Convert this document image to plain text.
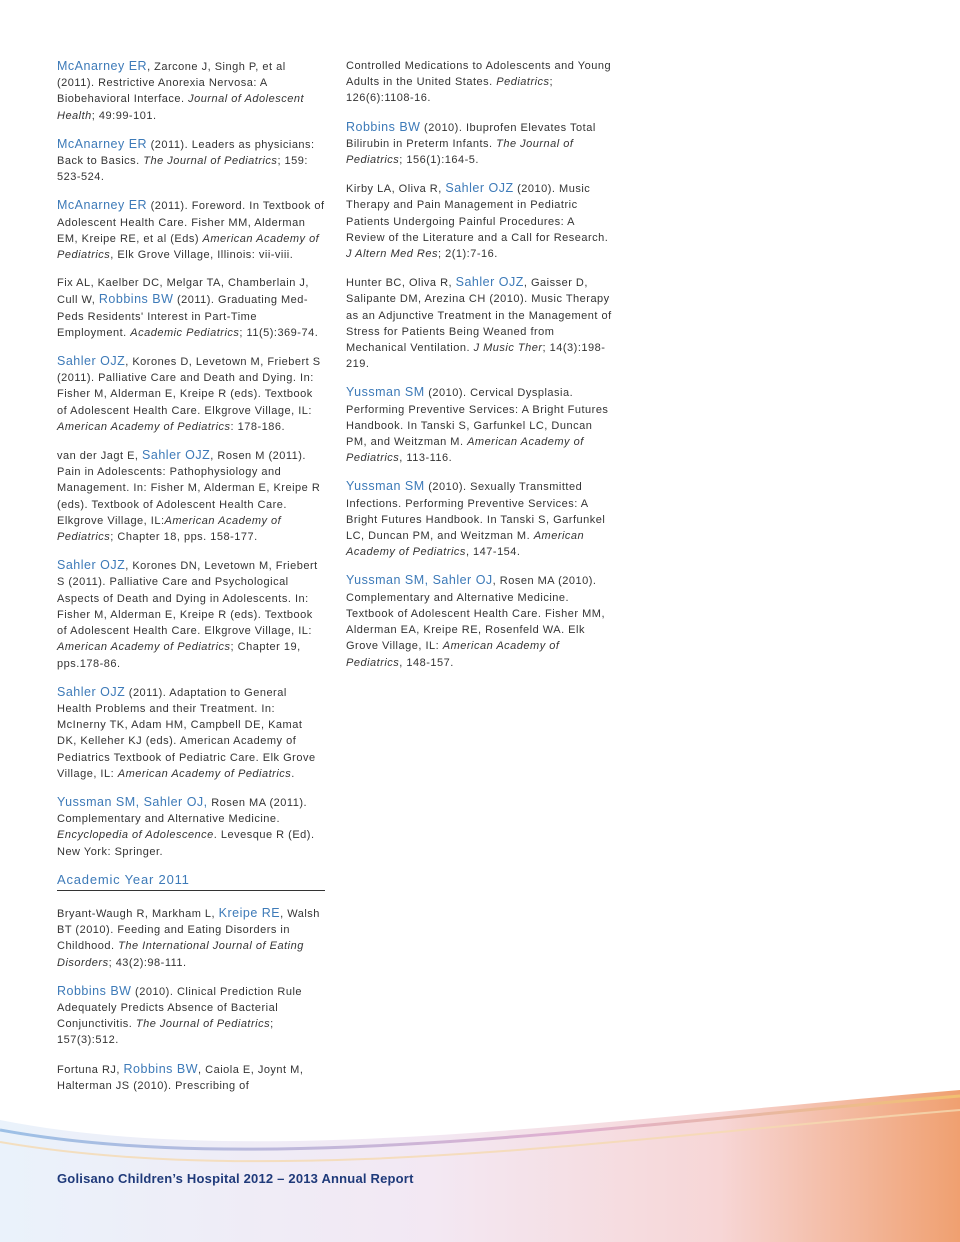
McAnarney ER, Zarcone J, Singh P, et al (2011). Restrictive Anorexia Nervosa: A Biobehavioral Interface. Journal of Adolescent Health; 49:99-101.

McAnarney ER (2011). Leaders as physicians: Back to Basics. The Journal of Pediatrics; 159: 523-524.

McAnarney ER (2011). Foreword. In Textbook of Adolescent Health Care. Fisher MM, Alderman EM, Kreipe RE, et al (Eds) American Academy of Pediatrics, Elk Grove Village, Illinois: vii-viii.

Fix AL, Kaelber DC, Melgar TA, Chamberlain J, Cull W, Robbins BW (2011). Graduating Med-Peds Residents' Interest in Part-Time Employment. Academic Pediatrics; 11(5):369-74.

Sahler OJZ, Korones D, Levetown M, Friebert S (2011). Palliative Care and Death and Dying. In: Fisher M, Alderman E, Kreipe R (eds). Textbook of Adolescent Health Care. Elkgrove Village, IL: American Academy of Pediatrics: 178-186.

van der Jagt E, Sahler OJZ, Rosen M (2011). Pain in Adolescents: Pathophysiology and Management. In: Fisher M, Alderman E, Kreipe R (eds). Textbook of Adolescent Health Care. Elkgrove Village, IL:American Academy of Pediatrics; Chapter 18, pps. 158-177.

Sahler OJZ, Korones DN, Levetown M, Friebert S (2011). Palliative Care and Psychological Aspects of Death and Dying in Adolescents. In: Fisher M, Alderman E, Kreipe R (eds). Textbook of Adolescent Health Care. Elkgrove Village, IL: American Academy of Pediatrics; Chapter 19, pps.178-86.

Sahler OJZ (2011). Adaptation to General Health Problems and their Treatment. In: McInerny TK, Adam HM, Campbell DE, Kamat DK, Kelleher KJ (eds). American Academy of Pediatrics Textbook of Pediatric Care. Elk Grove Village, IL: American Academy of Pediatrics.

Yussman SM, Sahler OJ, Rosen MA (2011). Complementary and Alternative Medicine. Encyclopedia of Adolescence. Levesque R (Ed). New York: Springer.

Academic Year 2011

Bryant-Waugh R, Markham L, Kreipe RE, Walsh BT (2010). Feeding and Eating Disorders in Childhood. The International Journal of Eating Disorders; 43(2):98-111.

Robbins BW (2010). Clinical Prediction Rule Adequately Predicts Absence of Bacterial Conjunctivitis. The Journal of Pediatrics; 157(3):512.

Fortuna RJ, Robbins BW, Caiola E, Joynt M, Halterman JS (2010). Prescribing of

Controlled Medications to Adolescents and Young Adults in the United States. Pediatrics; 126(6):1108-16.

Robbins BW (2010). Ibuprofen Elevates Total Bilirubin in Preterm Infants. The Journal of Pediatrics; 156(1):164-5.

Kirby LA, Oliva R, Sahler OJZ (2010). Music Therapy and Pain Management in Pediatric Patients Undergoing Painful Procedures: A Review of the Literature and a Call for Research. J Altern Med Res; 2(1):7-16.

Hunter BC, Oliva R, Sahler OJZ, Gaisser D, Salipante DM, Arezina CH (2010). Music Therapy as an Adjunctive Treatment in the Management of Stress for Patients Being Weaned from Mechanical Ventilation. J Music Ther; 14(3):198-219.

Yussman SM (2010). Cervical Dysplasia. Performing Preventive Services: A Bright Futures Handbook. In Tanski S, Garfunkel LC, Duncan PM, and Weitzman M. American Academy of Pediatrics, 113-116.

Yussman SM (2010). Sexually Transmitted Infections. Performing Preventive Services: A Bright Futures Handbook. In Tanski S, Garfunkel LC, Duncan PM, and Weitzman M. American Academy of Pediatrics, 147-154.

Yussman SM, Sahler OJ, Rosen MA (2010). Complementary and Alternative Medicine. Textbook of Adolescent Health Care. Fisher MM, Alderman EA, Kreipe RE, Rosenfeld WA. Elk Grove Village, IL: American Academy of Pediatrics, 148-157.

Golisano Children’s Hospital 2012 – 2013 Annual Report
